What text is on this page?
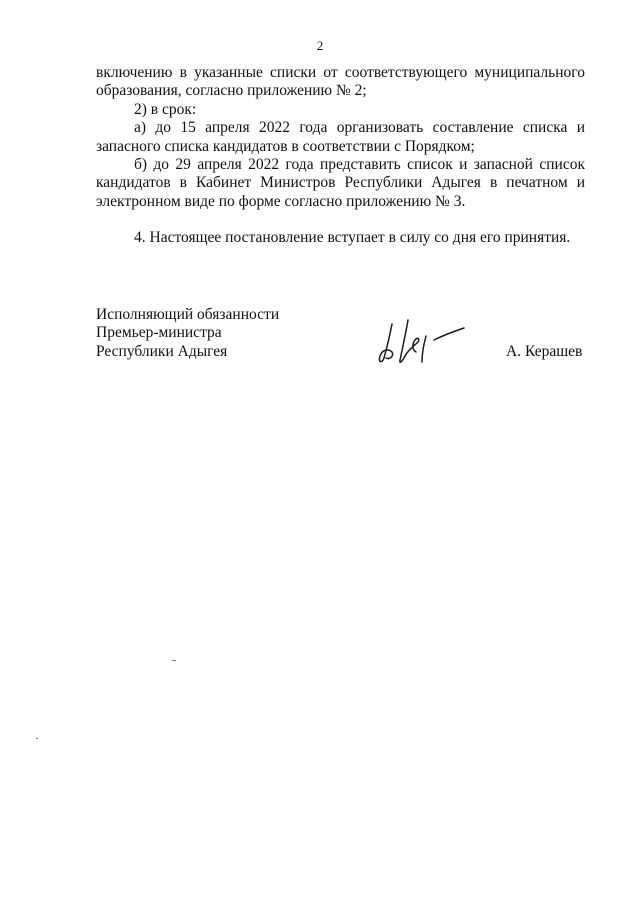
2

включению в указанные списки от соответствующего муниципального образования, согласно приложению № 2;

2) в срок:

а) до 15 апреля 2022 года организовать составление списка и запасного списка кандидатов в соответствии с Порядком;

б) до 29 апреля 2022 года представить список и запасной список кандидатов в Кабинет Министров Республики Адыгея в печатном и электронном виде по форме согласно приложению № 3.

4. Настоящее постановление вступает в силу со дня его принятия.

Исполняющий обязанности
Премьер-министра
Республики Адыгея	А. Керашев
